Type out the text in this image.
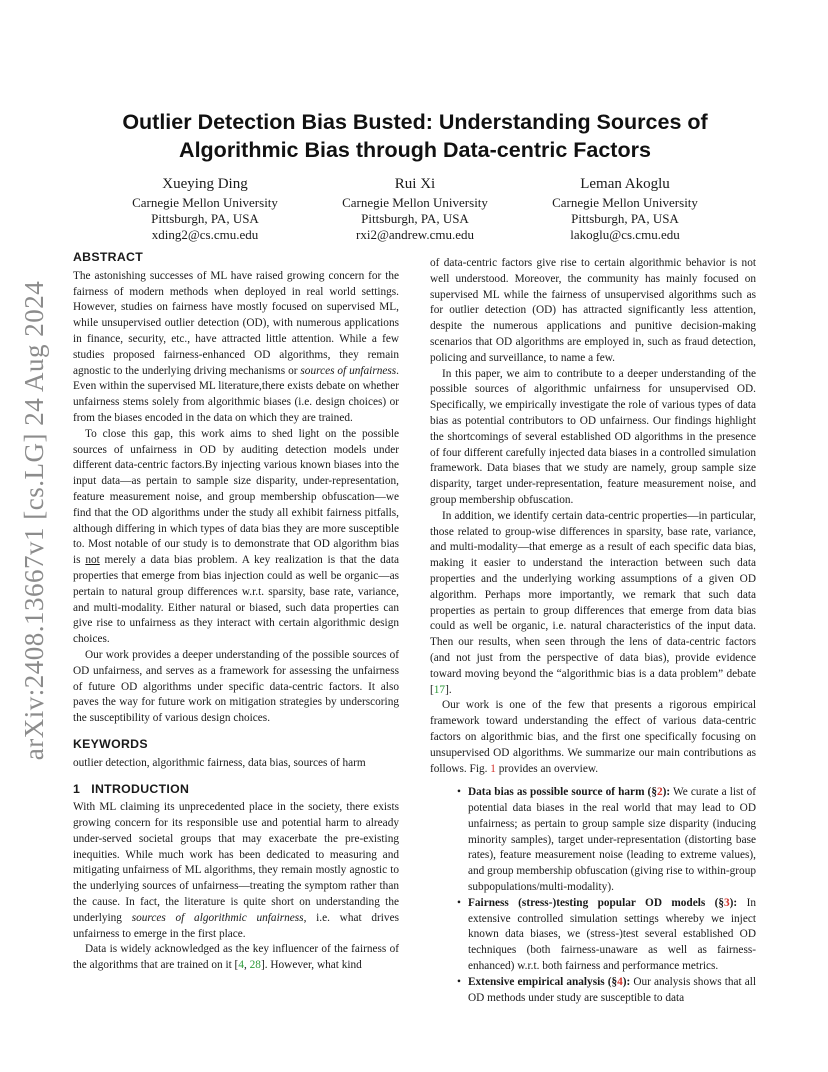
arXiv:2408.13667v1 [cs.LG] 24 Aug 2024
Outlier Detection Bias Busted: Understanding Sources of
Algorithmic Bias through Data-centric Factors
Xueying Ding
Carnegie Mellon University
Pittsburgh, PA, USA
xding2@cs.cmu.edu
Rui Xi
Carnegie Mellon University
Pittsburgh, PA, USA
rxi2@andrew.cmu.edu
Leman Akoglu
Carnegie Mellon University
Pittsburgh, PA, USA
lakoglu@cs.cmu.edu
ABSTRACT

The astonishing successes of ML have raised growing concern for the fairness of modern methods when deployed in real world settings. However, studies on fairness have mostly focused on supervised ML, while unsupervised outlier detection (OD), with numerous applications in finance, security, etc., have attracted little attention. While a few studies proposed fairness-enhanced OD algorithms, they remain agnostic to the underlying driving mechanisms or sources of unfairness. Even within the supervised ML literature,there exists debate on whether unfairness stems solely from algorithmic biases (i.e. design choices) or from the biases encoded in the data on which they are trained.

To close this gap, this work aims to shed light on the possible sources of unfairness in OD by auditing detection models under different data-centric factors.By injecting various known biases into the input data—as pertain to sample size disparity, under-representation, feature measurement noise, and group membership obfuscation—we find that the OD algorithms under the study all exhibit fairness pitfalls, although differing in which types of data bias they are more susceptible to. Most notable of our study is to demonstrate that OD algorithm bias is not merely a data bias problem. A key realization is that the data properties that emerge from bias injection could as well be organic—as pertain to natural group differences w.r.t. sparsity, base rate, variance, and multi-modality. Either natural or biased, such data properties can give rise to unfairness as they interact with certain algorithmic design choices.

Our work provides a deeper understanding of the possible sources of OD unfairness, and serves as a framework for assessing the unfairness of future OD algorithms under specific data-centric factors. It also paves the way for future work on mitigation strategies by underscoring the susceptibility of various design choices.

KEYWORDS

outlier detection, algorithmic fairness, data bias, sources of harm

1   INTRODUCTION

With ML claiming its unprecedented place in the society, there exists growing concern for its responsible use and potential harm to already under-served societal groups that may exacerbate the pre-existing inequities. While much work has been dedicated to measuring and mitigating unfairness of ML algorithms, they remain mostly agnostic to the underlying sources of unfairness—treating the symptom rather than the cause. In fact, the literature is quite short on understanding the underlying sources of algorithmic unfairness, i.e. what drives unfairness to emerge in the first place.

Data is widely acknowledged as the key influencer of the fairness of the algorithms that are trained on it [4, 28]. However, what kind

of data-centric factors give rise to certain algorithmic behavior is not well understood. Moreover, the community has mainly focused on supervised ML while the fairness of unsupervised algorithms such as for outlier detection (OD) has attracted significantly less attention, despite the numerous applications and punitive decision-making scenarios that OD algorithms are employed in, such as fraud detection, policing and surveillance, to name a few.

In this paper, we aim to contribute to a deeper understanding of the possible sources of algorithmic unfairness for unsupervised OD. Specifically, we empirically investigate the role of various types of data bias as potential contributors to OD unfairness. Our findings highlight the shortcomings of several established OD algorithms in the presence of four different carefully injected data biases in a controlled simulation framework. Data biases that we study are namely, group sample size disparity, target under-representation, feature measurement noise, and group membership obfuscation.

In addition, we identify certain data-centric properties—in particular, those related to group-wise differences in sparsity, base rate, variance, and multi-modality—that emerge as a result of each specific data bias, making it easier to understand the interaction between such data properties and the underlying working assumptions of a given OD algorithm. Perhaps more importantly, we remark that such data properties as pertain to group differences that emerge from data bias could as well be organic, i.e. natural characteristics of the input data. Then our results, when seen through the lens of data-centric factors (and not just from the perspective of data bias), provide evidence toward moving beyond the “algorithmic bias is a data problem” debate [17].

Our work is one of the few that presents a rigorous empirical framework toward understanding the effect of various data-centric factors on algorithmic bias, and the first one specifically focusing on unsupervised OD algorithms. We summarize our main contributions as follows. Fig. 1 provides an overview.

• Data bias as possible source of harm (§2): We curate a list of potential data biases in the real world that may lead to OD unfairness; as pertain to group sample size disparity (inducing minority samples), target under-representation (distorting base rates), feature measurement noise (leading to extreme values), and group membership obfuscation (giving rise to within-group subpopulations/multi-modality).
• Fairness (stress-)testing popular OD models (§3): In extensive controlled simulation settings whereby we inject known data biases, we (stress-)test several established OD techniques (both fairness-unaware as well as fairness-enhanced) w.r.t. both fairness and performance metrics.
• Extensive empirical analysis (§4): Our analysis shows that all OD methods under study are susceptible to data
